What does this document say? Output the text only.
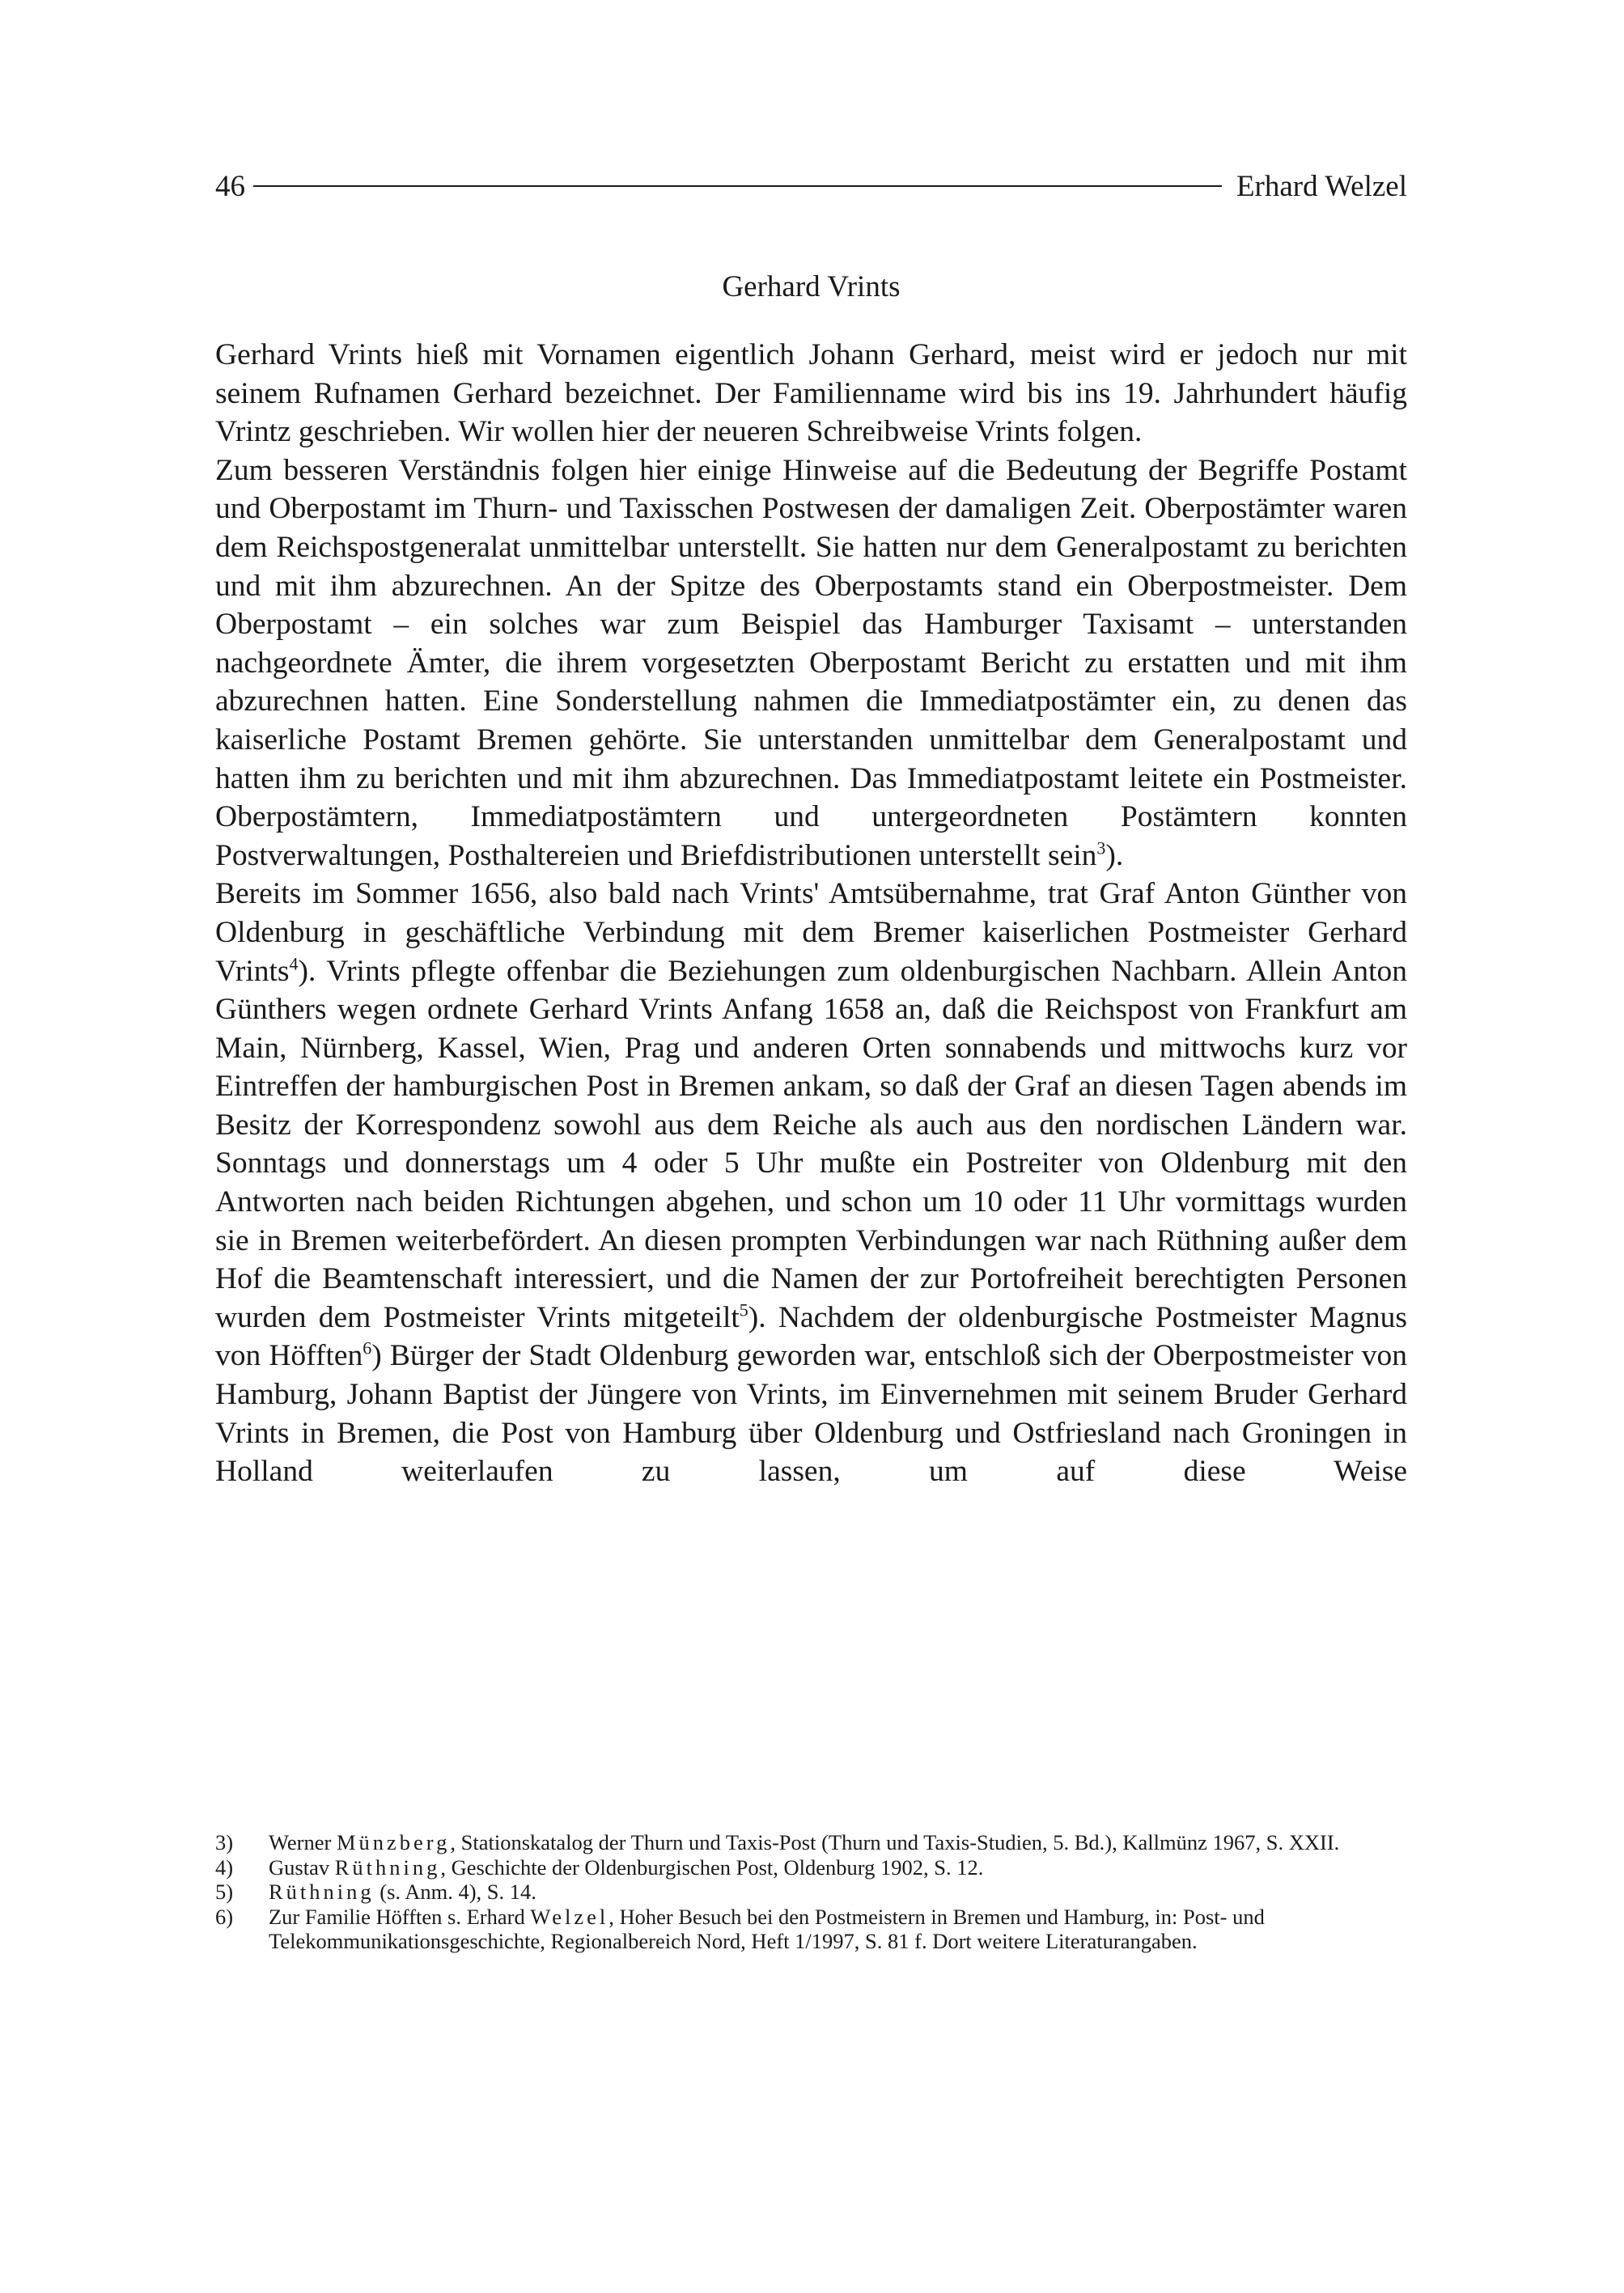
46	Erhard Welzel
Gerhard Vrints

Gerhard Vrints hieß mit Vornamen eigentlich Johann Gerhard, meist wird er jedoch nur mit seinem Rufnamen Gerhard bezeichnet. Der Familienname wird bis ins 19. Jahrhundert häufig Vrintz geschrieben. Wir wollen hier der neueren Schreibweise Vrints folgen.

Zum besseren Verständnis folgen hier einige Hinweise auf die Bedeutung der Begriffe Postamt und Oberpostamt im Thurn- und Taxisschen Postwesen der damaligen Zeit. Oberpostämter waren dem Reichspostgeneralat unmittelbar unterstellt. Sie hatten nur dem Generalpostamt zu berichten und mit ihm abzurechnen. An der Spitze des Oberpostamts stand ein Oberpostmeister. Dem Oberpostamt – ein solches war zum Beispiel das Hamburger Taxisamt – unterstanden nachgeordnete Ämter, die ihrem vorgesetzten Oberpostamt Bericht zu erstatten und mit ihm abzurechnen hatten. Eine Sonderstellung nahmen die Immediatpostämter ein, zu denen das kaiserliche Postamt Bremen gehörte. Sie unterstanden unmittelbar dem Generalpostamt und hatten ihm zu berichten und mit ihm abzurechnen. Das Immediatpostamt leitete ein Postmeister. Oberpostämtern, Immediatpostämtern und untergeordneten Postämtern konnten Postverwaltungen, Posthaltereien und Briefdistributionen unterstellt sein$^3$).

Bereits im Sommer 1656, also bald nach Vrints' Amtsübernahme, trat Graf Anton Günther von Oldenburg in geschäftliche Verbindung mit dem Bremer kaiserlichen Postmeister Gerhard Vrints$^4$). Vrints pflegte offenbar die Beziehungen zum oldenburgischen Nachbarn. Allein Anton Günthers wegen ordnete Gerhard Vrints Anfang 1658 an, daß die Reichspost von Frankfurt am Main, Nürnberg, Kassel, Wien, Prag und anderen Orten sonnabends und mittwochs kurz vor Eintreffen der hamburgischen Post in Bremen ankam, so daß der Graf an diesen Tagen abends im Besitz der Korrespondenz sowohl aus dem Reiche als auch aus den nordischen Ländern war. Sonntags und donnerstags um 4 oder 5 Uhr mußte ein Postreiter von Oldenburg mit den Antworten nach beiden Richtungen abgehen, und schon um 10 oder 11 Uhr vormittags wurden sie in Bremen weiterbefördert. An diesen prompten Verbindungen war nach Rüthning außer dem Hof die Beamtenschaft interessiert, und die Namen der zur Portofreiheit berechtigten Personen wurden dem Postmeister Vrints mitgeteilt$^5$). Nachdem der oldenburgische Postmeister Magnus von Höfften$^6$) Bürger der Stadt Oldenburg geworden war, entschloß sich der Oberpostmeister von Hamburg, Johann Baptist der Jüngere von Vrints, im Einvernehmen mit seinem Bruder Gerhard Vrints in Bremen, die Post von Hamburg über Oldenburg und Ostfriesland nach Groningen in Holland weiterlaufen zu lassen, um auf diese Weise

3)	Werner Münzberg, Stationskatalog der Thurn und Taxis-Post (Thurn und Taxis-Studien, 5. Bd.), Kallmünz 1967, S. XXII.
4)	Gustav Rüthning, Geschichte der Oldenburgischen Post, Oldenburg 1902, S. 12.
5)	Rüthning (s. Anm. 4), S. 14.
6)	Zur Familie Höfften s. Erhard Welzel, Hoher Besuch bei den Postmeistern in Bremen und Hamburg, in: Post- und Telekommunikationsgeschichte, Regionalbereich Nord, Heft 1/1997, S. 81 f. Dort weitere Literaturangaben.
